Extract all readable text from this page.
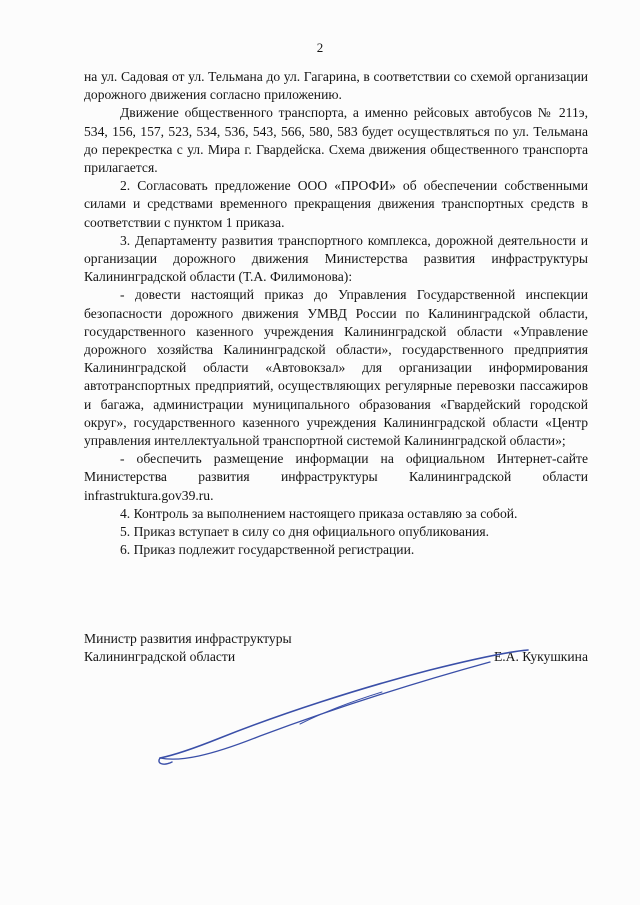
2

на ул. Садовая от ул. Тельмана до ул. Гагарина, в соответствии со схемой организации дорожного движения согласно приложению.

Движение общественного транспорта, а именно рейсовых автобусов № 211э, 534, 156, 157, 523, 534, 536, 543, 566, 580, 583 будет осуществляться по ул. Тельмана до перекрестка с ул. Мира г. Гвардейска. Схема движения общественного транспорта прилагается.

2. Согласовать предложение ООО «ПРОФИ» об обеспечении собственными силами и средствами временного прекращения движения транспортных средств в соответствии с пунктом 1 приказа.

3. Департаменту развития транспортного комплекса, дорожной деятельности и организации дорожного движения Министерства развития инфраструктуры Калининградской области (Т.А. Филимонова):

- довести настоящий приказ до Управления Государственной инспекции безопасности дорожного движения УМВД России по Калининградской области, государственного казенного учреждения Калининградской области «Управление дорожного хозяйства Калининградской области», государственного предприятия Калининградской области «Автовокзал» для организации информирования автотранспортных предприятий, осуществляющих регулярные перевозки пассажиров и багажа, администрации муниципального образования «Гвардейский городской округ», государственного казенного учреждения Калининградской области «Центр управления интеллектуальной транспортной системой Калининградской области»;

- обеспечить размещение информации на официальном Интернет-сайте Министерства развития инфраструктуры Калининградской области infrastruktura.gov39.ru.

4. Контроль за выполнением настоящего приказа оставляю за собой.

5. Приказ вступает в силу со дня официального опубликования.

6. Приказ подлежит государственной регистрации.

Министр развития инфраструктуры
Калининградской области	Е.А. Кукушкина
